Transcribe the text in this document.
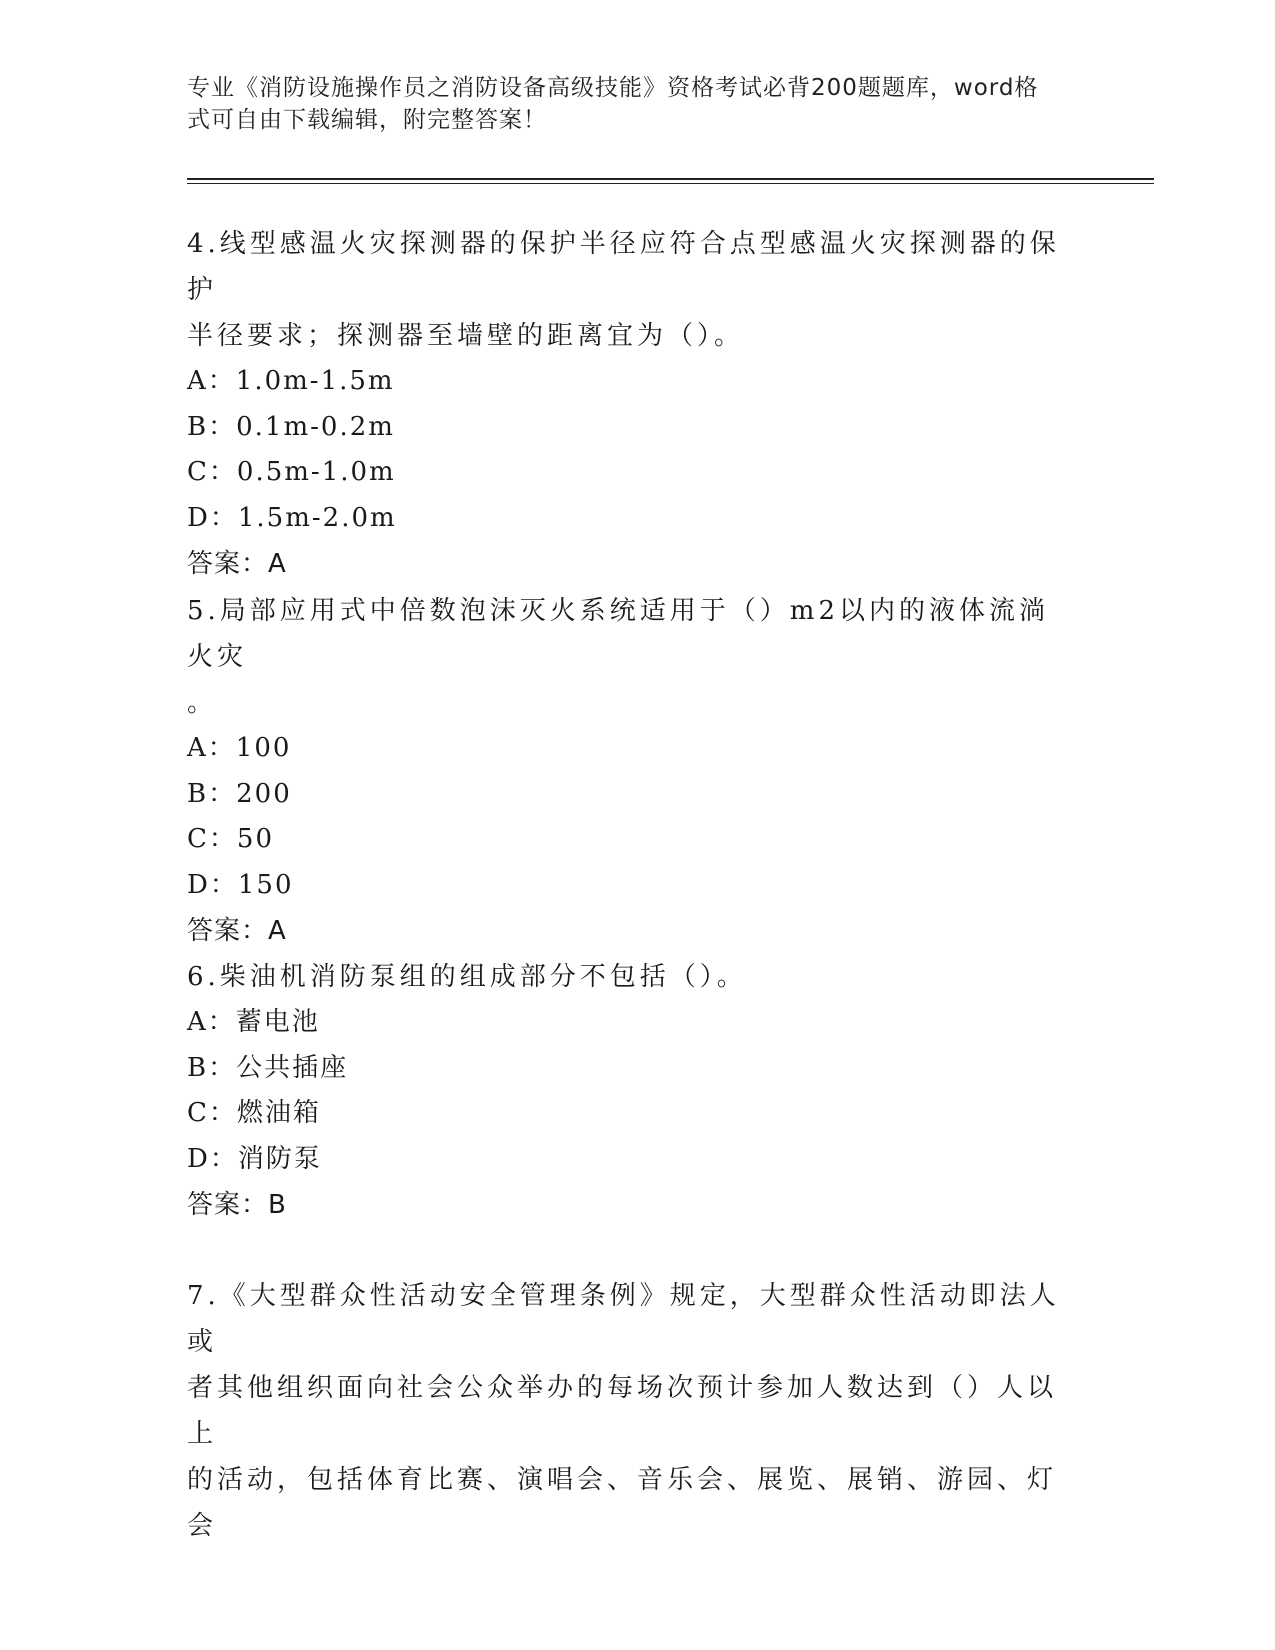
专业《消防设施操作员之消防设备高级技能》资格考试必背200题题库，word格
式可自由下载编辑，附完整答案！

4.线型感温火灾探测器的保护半径应符合点型感温火灾探测器的保护

半径要求；探测器至墙壁的距离宜为（）。

A：1.0m-1.5m

B：0.1m-0.2m

C：0.5m-1.0m

D：1.5m-2.0m

答案：A

5.局部应用式中倍数泡沫灭火系统适用于（）m2以内的液体流淌火灾

。

A：100

B：200

C：50

D：150

答案：A

6.柴油机消防泵组的组成部分不包括（）。

A：蓄电池

B：公共插座

C：燃油箱

D：消防泵

答案：B

7.《大型群众性活动安全管理条例》规定，大型群众性活动即法人或

者其他组织面向社会公众举办的每场次预计参加人数达到（）人以上

的活动，包括体育比赛、演唱会、音乐会、展览、展销、游园、灯会
